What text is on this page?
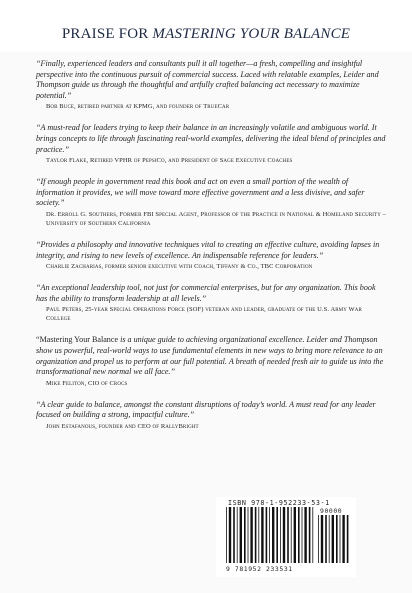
PRAISE FOR MASTERING YOUR BALANCE

“Finally, experienced leaders and consultants pull it all together—a fresh, compelling and insightful perspective into the continuous pursuit of commercial success. Laced with relatable examples, Leider and Thompson guide us through the thoughtful and artfully crafted balancing act necessary to maximize potential.”

Bob Buce, retired partner at KPMG, and founder of TrueCar

“A must-read for leaders trying to keep their balance in an increasingly volatile and ambiguous world. It brings concepts to life through fascinating real-world examples, delivering the ideal blend of principles and practice.”

Taylor Flake, Retired VPHR of PepsiCo, and President of Sage Executive Coaches

“If enough people in government read this book and act on even a small portion of the wealth of information it provides, we will move toward more effective government and a less divisive, and safer society.”

Dr. Erroll G. Southers, Former FBI Special Agent, Professor of the Practice in National & Homeland Security – University of Southern California

“Provides a philosophy and innovative techniques vital to creating an effective culture, avoiding lapses in integrity, and rising to new levels of excellence. An indispensable reference for leaders.”

Charlie Zacharias, former senior executive with Coach, Tiffany & Co., TBC Corporation

“An exceptional leadership tool, not just for commercial enterprises, but for any organization. This book has the ability to transform leadership at all levels.”

Paul Peters, 25-year Special Operations Force (SOF) veteran and leader, graduate of the U.S. Army War College

“Mastering Your Balance is a unique guide to achieving organizational excellence. Leider and Thompson show us powerful, real-world ways to use fundamental elements in new ways to bring more relevance to an organization and propel us to perform at our full potential. A breath of needed fresh air to guide us into the transformational new normal we all face.”

Mike Feliton, CIO of Crocs

“A clear guide to balance, amongst the constant disruptions of today’s world. A must read for any leader focused on building a strong, impactful culture.”

John Estafanous, founder and CEO of RallyBright

ISBN 978-1-952233-53-1
90000
9 781952 233531
